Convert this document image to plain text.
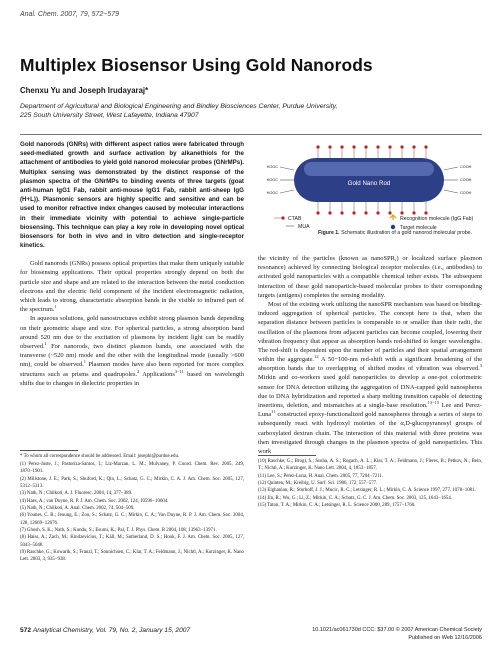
Anal. Chem. 2007, 79, 572−579
Multiplex Biosensor Using Gold Nanorods
Chenxu Yu and Joseph Irudayaraj*
Department of Agricultural and Biological Engineering and Bindley Biosciences Center, Purdue University,
225 South University Street, West Lafayette, Indiana 47907
Gold nanorods (GNRs) with different aspect ratios were fabricated through seed-mediated growth and surface activation by alkanethiols for the attachment of antibodies to yield gold nanorod molecular probes (GNrMPs). Multiplex sensing was demonstrated by the distinct response of the plasmon spectra of the GNrMPs to binding events of three targets (goat anti-human IgG1 Fab, rabbit anti-mouse IgG1 Fab, rabbit anti-sheep IgG (H+L)). Plasmonic sensors are highly specific and sensitive and can be used to monitor refractive index changes caused by molecular interactions in their immediate vicinity with potential to achieve single-particle biosensing. This technique can play a key role in developing novel optical biosensors for both in vivo and in vitro detection and single-receptor kinetics.

Gold nanorods (GNRs) possess optical properties that make them uniquely suitable for biosensing applications. Their optical properties strongly depend on both the particle size and shape and are related to the interaction between the metal conduction electrons and the electric field component of the incident electromagnetic radiation, which leads to strong, characteristic absorption bands in the visible to infrared part of the spectrum.$^1$

In aqueous solutions, gold nanostructures exhibit strong plasmon bands depending on their geometric shape and size. For spherical particles, a strong absorption band around 520 nm due to the excitation of plasmons by incident light can be readily observed.$^1$ For nanorods, two distinct plasmon bands, one associated with the transverse (~520 nm) mode and the other with the longitudinal mode (usually >600 nm), could be observed.$^1$ Plasmon modes have also been reported for more complex structures such as prisms and quadrupoles.$^2$ Applications$^{3-11}$ based on wavelength shifts due to changes in dielectric properties in

* To whom all correspondence should be addressed. Email: josephi@purdue.edu.
(1) Perez-Juste, J.; Pastoriza-Santos, I.; Liz-Marzan, L. M.; Mulvaney, P. Coord. Chem. Rev. 2005, 249, 1870−1901.
(2) Millstone, J. E.; Park, S.; Shuford, K.; Qin, L.; Schatz, G. C.; Mirkin, C. A. J. Am. Chem. Soc. 2005, 127, 5312−5313.
(3) Nath, N.; Chilkoti, A. J. Fluoresc. 2004, 14, 377−389.
(4) Haes, A.; van Duyne, R. P. J. Am. Chem. Soc. 2002, 124, 10596−10604.
(5) Nath, N.; Chilkoti, A. Anal. Chem. 2002, 74, 504−509.
(6) Younes, C. R.; Jeoung, E.; Zou, S.; Schatz, G. C.; Mirkin, C. A.; Van Duyne, R. P. J. Am. Chem. Soc. 2004, 128, 12669−12676.
(7) Ghosh, S. K.; Nath, S.; Kundu, S.; Esumi, K.; Pal, T. J. Phys. Chem. B 2004, 108, 13963−13971.
(8) Haiss, A.; Zach, M.; Kindzevicius, T.; Käll, M.; Sutherland, D. S.; Hook, F. J. Am. Chem. Soc. 2005, 127, 5043−5048.
(9) Raschke, G.; Kowarik, S.; Franzl, T.; Sonnichsen, C.; Klar, T. A.; Feldmann, J.; Nichtl, A.; Kurzinger, K. Nano Lett. 2003, 3, 935−938.
Gold Nano Rod
HOOC
HOOC
HOOC
COOH
COOH
COOH
CTAB
MUA
Recognition molecule (IgG Fab)
Target molecule
Figure 1. Schematic illustration of a gold nanorod molecular probe.

the vicinity of the particles (known as nanoSPR,) or localized surface plasmon resonance) achieved by connecting biological receptor molecules (i.e., antibodies) to activated gold nanoparticles with a compatible chemical tether exists. The subsequent interaction of these gold nanoparticle-based molecular probes to their corresponding targets (antigens) completes the sensing modality.

Most of the existing work utilizing the nanoSPR mechanism was based on binding-induced aggregation of spherical particles. The concept here is that, when the separation distance between particles is comparable to or smaller than their radii, the oscillation of the plasmons from adjacent particles can become coupled, lowering their vibration frequency that appear as absorption bands red-shifted to longer wavelengths. The red-shift is dependent upon the number of particles and their spatial arrangement within the aggregate.$^{12}$ A 50−100-nm red-shift with a significant broadening of the absorption bands due to overlapping of shifted modes of vibration was observed.$^3$ Mirkin and co-workers used gold nanoparticles to develop a one-pot colorimetric sensor for DNA detection utilizing the aggregation of DNA-capped gold nanospheres due to DNA hybridization and reported a sharp melting transition capable of detecting insertions, deletion, and mismatches at a single-base resolution.$^{13-15}$ Lee and Perez-Luna$^{11}$ constructed epoxy-functionalized gold nanospheres through a series of steps to subsequently react with hydroxyl moieties of the α,D-glucopyranosyl groups of carboxylated dextran chain. The interaction of this material with three proteins was then investigated through changes in the plasmon spectra of gold nanoparticles. This work

(10) Raschke, G.; Brogl, S.; Susha, A. S.; Rogach, A. L.; Klar, T. A.; Feldmann, J.; Fieres, B.; Petkov, N.; Bein, T.; Nichtl, A.; Kurzinger, K. Nano Lett. 2004, 4, 1853−1857.
(11) Lee, S.; Perez-Luna, H. Anal. Chem. 2005, 77, 7204−7211.
(12) Quinten, M.; Kreibig, U. Surf. Sci. 1986, 172, 557−577.
(13) Elghanian, R.; Storhoff, J. J.; Mucic, R. C.; Letsinger, R. L.; Mirkin, C. A. Science 1997, 277, 1078−1081.
(14) Jin, R.; Wu, G.; Li, Z.; Mirkin, C. A.; Schatz, G. C. J. Am. Chem. Soc. 2003, 125, 1643−1654.
(15) Taton, T. A.; Mirkin, C. A.; Letsinger, R. L. Science 2000, 289, 1757−1760.
572 Analytical Chemistry, Vol. 79, No. 2, January 15, 2007	10.1021/ac061730d CCC: $37.00 © 2007 American Chemical Society
Published on Web 12/16/2006
